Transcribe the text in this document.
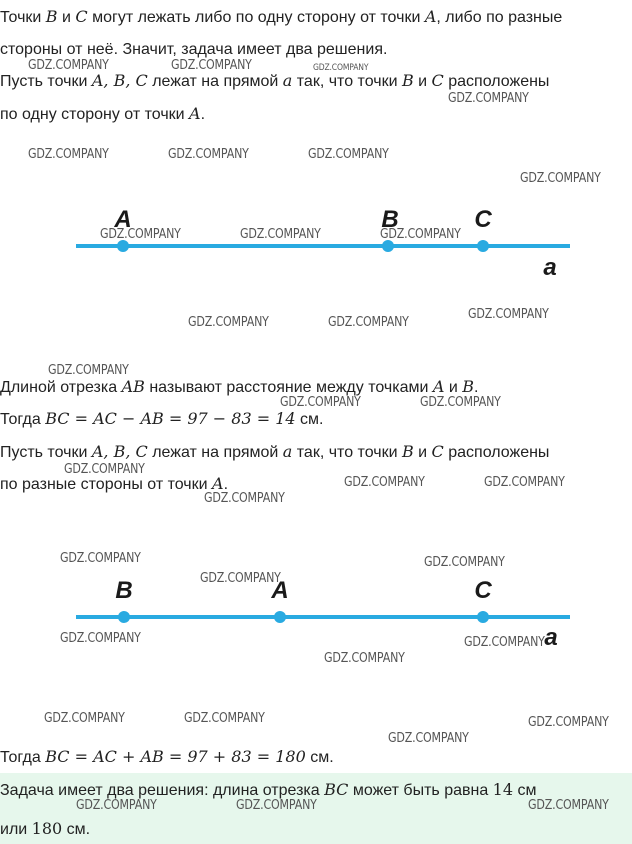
Точки B и C могут лежать либо по одну сторону от точки A, либо по разные
стороны от неё. Значит, задача имеет два решения.
Пусть точки A, B, C лежат на прямой a так, что точки B и C расположены
по одну сторону от точки A.
A	B	C
a
Длиной отрезка AB называют расстояние между точками A и B.
Тогда BC = AC − AB = 97 − 83 = 14 см.
Пусть точки A, B, C лежат на прямой a так, что точки B и C расположены
по разные стороны от точки A.
B	A	C
a
Тогда BC = AC + AB = 97 + 83 = 180 см.
Задача имеет два решения: длина отрезка BC может быть равна 14 см
или 180 см.
GDZ.COMPANY	GDZ.COMPANY	GDZ.COMPANY
GDZ.COMPANY
GDZ.COMPANY	GDZ.COMPANY	GDZ.COMPANY
GDZ.COMPANY
GDZ.COMPANY	GDZ.COMPANY	GDZ.COMPANY
GDZ.COMPANY	GDZ.COMPANY
GDZ.COMPANY
GDZ.COMPANY
GDZ.COMPANY	GDZ.COMPANY
GDZ.COMPANY
GDZ.COMPANY	GDZ.COMPANY
GDZ.COMPANY
GDZ.COMPANY	GDZ.COMPANY
GDZ.COMPANY
GDZ.COMPANY	GDZ.COMPANY
GDZ.COMPANY
GDZ.COMPANY	GDZ.COMPANY	GDZ.COMPANY
GDZ.COMPANY
GDZ.COMPANY	GDZ.COMPANY	GDZ.COMPANY
